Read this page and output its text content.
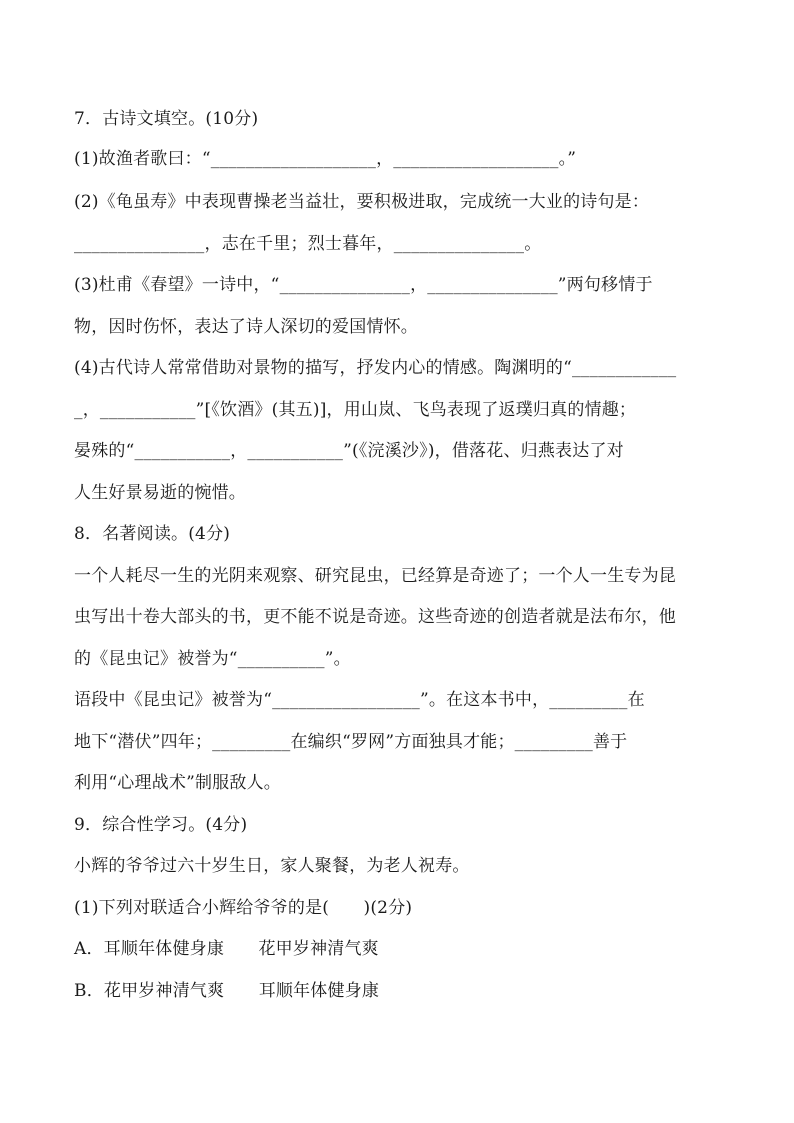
7．古诗文填空。(10分)
(1)故渔者歌曰：“___________________，___________________。”
(2)《龟虽寿》中表现曹操老当益壮，要积极进取，完成统一大业的诗句是：
_______________，志在千里；烈士暮年，_______________。
(3)杜甫《春望》一诗中，“_______________，_______________”两句移情于
物，因时伤怀，表达了诗人深切的爱国情怀。
(4)古代诗人常常借助对景物的描写，抒发内心的情感。陶渊明的“____________
_，___________”[《饮酒》(其五)]，用山岚、飞鸟表现了返璞归真的情趣；
晏殊的“___________，___________”(《浣溪沙》)，借落花、归燕表达了对
人生好景易逝的惋惜。
8．名著阅读。(4分)
一个人耗尽一生的光阴来观察、研究昆虫，已经算是奇迹了；一个人一生专为昆
虫写出十卷大部头的书，更不能不说是奇迹。这些奇迹的创造者就是法布尔，他
的《昆虫记》被誉为“__________”。
语段中《昆虫记》被誉为“_________________”。在这本书中，_________在
地下“潜伏”四年；_________在编织“罗网”方面独具才能；_________善于
利用“心理战术”制服敌人。
9．综合性学习。(4分)
小辉的爷爷过六十岁生日，家人聚餐，为老人祝寿。
(1)下列对联适合小辉给爷爷的是(　　)(2分)
A．耳顺年体健身康　　花甲岁神清气爽
B．花甲岁神清气爽　　耳顺年体健身康
